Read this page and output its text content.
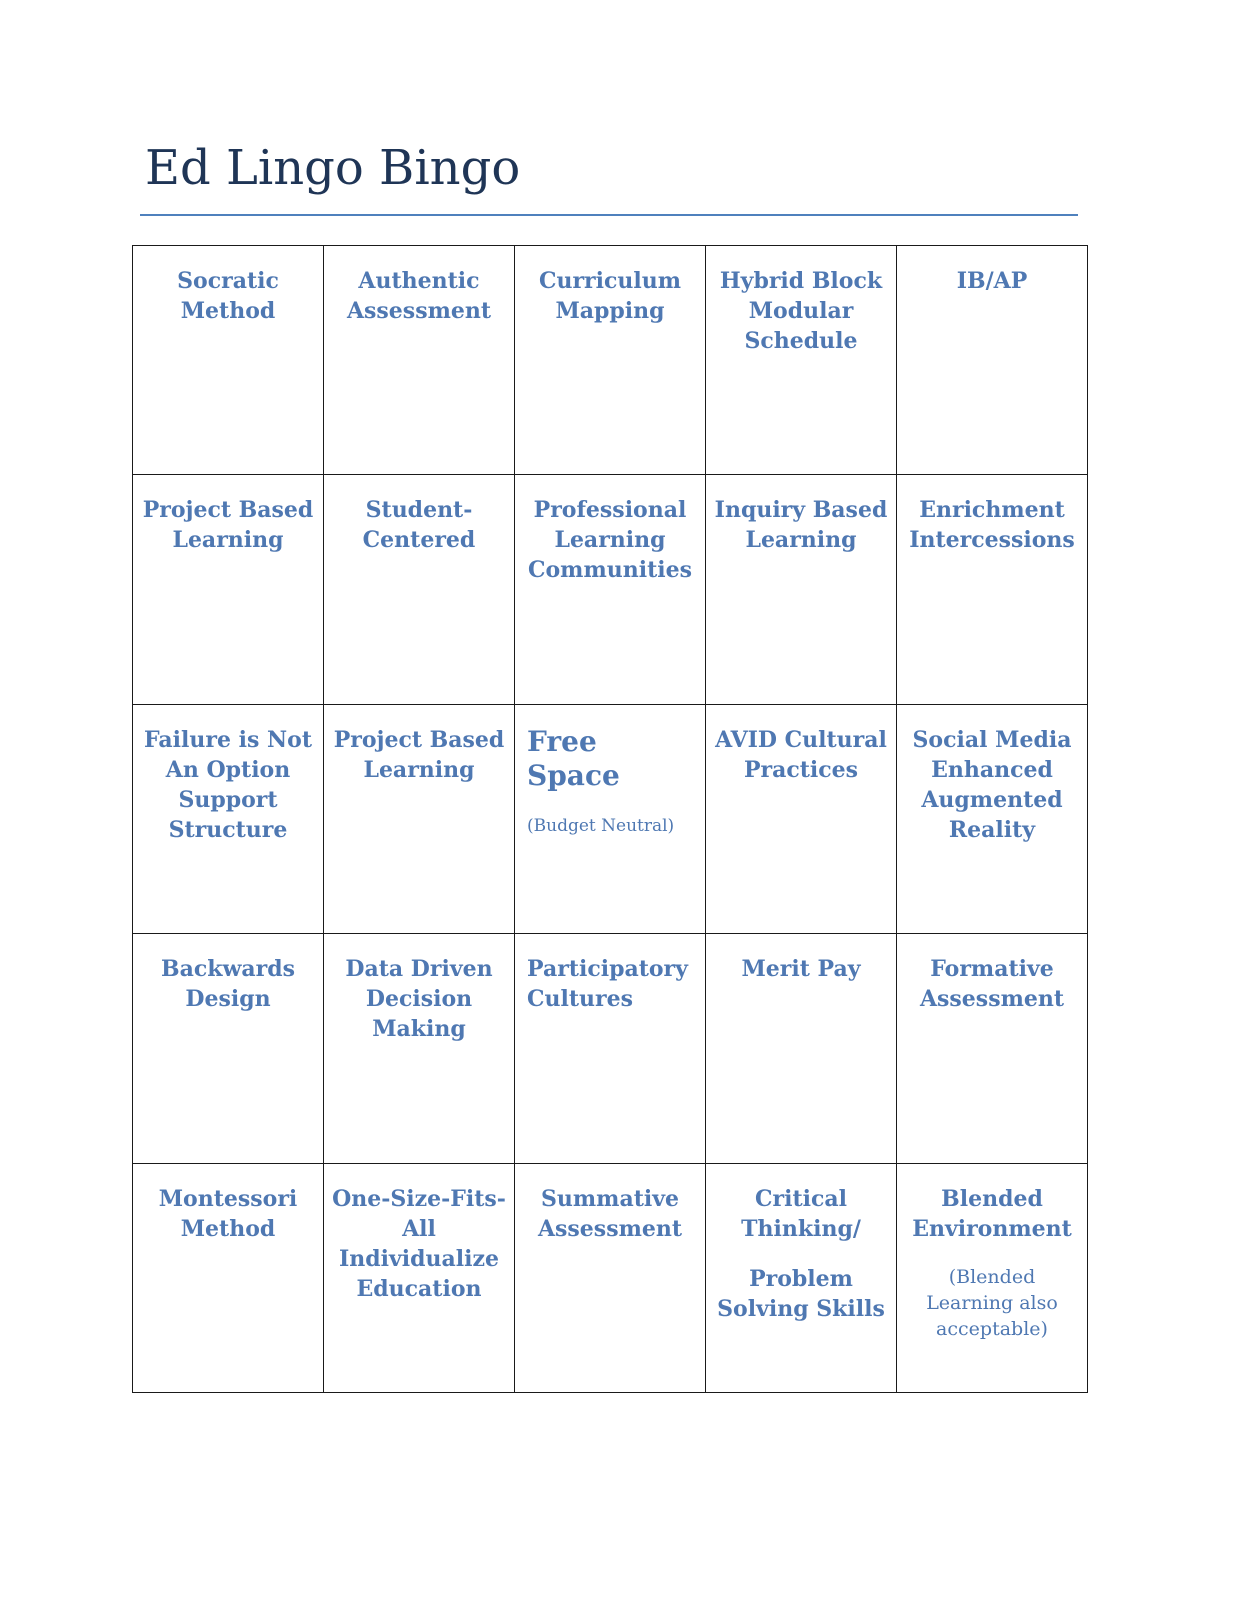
Ed Lingo Bingo
Socratic
Method	Authentic
Assessment	Curriculum
Mapping	Hybrid Block
Modular
Schedule	IB/AP

Project Based
Learning	Student-
Centered	Professional
Learning
Communities	Inquiry Based
Learning	Enrichment
Intercessions

Failure is Not
An Option
Support
Structure	Project Based
Learning	Free Space
(Budget Neutral)	AVID Cultural
Practices	Social Media
Enhanced
Augmented
Reality

Backwards
Design	Data Driven
Decision
Making	Participatory
Cultures	Merit Pay	Formative
Assessment

Montessori
Method	One-Size-Fits-
All
Individualize
Education	Summative
Assessment	Critical
Thinking/
Problem
Solving Skills	Blended
Environment
(Blended
Learning also
acceptable)
